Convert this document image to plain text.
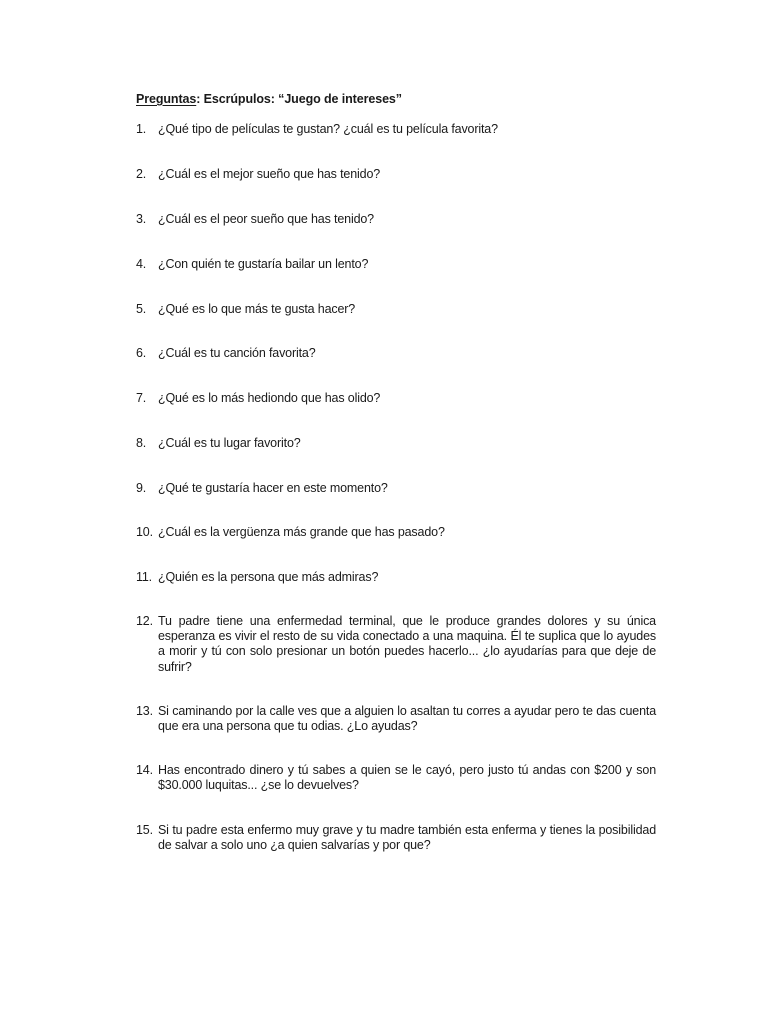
Preguntas: Escrúpulos: “Juego de intereses”
1. ¿Qué tipo de películas te gustan? ¿cuál es tu película favorita?
2. ¿Cuál es el mejor sueño que has tenido?
3. ¿Cuál es el peor sueño que has tenido?
4. ¿Con quién te gustaría bailar un lento?
5. ¿Qué es lo que más te gusta hacer?
6. ¿Cuál es tu canción favorita?
7. ¿Qué es lo más hediondo que has olido?
8. ¿Cuál es tu lugar favorito?
9. ¿Qué te gustaría hacer en este momento?
10. ¿Cuál es la vergüenza más grande que has pasado?
11. ¿Quién es la persona que más admiras?
12. Tu padre tiene una enfermedad terminal, que le produce grandes dolores y su única esperanza es vivir el resto de su vida conectado a una maquina. Él te suplica que lo ayudes a morir y tú con solo presionar un botón puedes hacerlo... ¿lo ayudarías para que deje de sufrir?
13. Si caminando por la calle ves que a alguien lo asaltan tu corres a ayudar pero te das cuenta que era una persona que tu odias. ¿Lo ayudas?
14. Has encontrado dinero y tú sabes a quien se le cayó, pero justo tú andas con $200 y son $30.000 luquitas... ¿se lo devuelves?
15. Si tu padre esta enfermo muy grave y tu madre también esta enferma y tienes la posibilidad de salvar a solo uno ¿a quien salvarías y por que?
